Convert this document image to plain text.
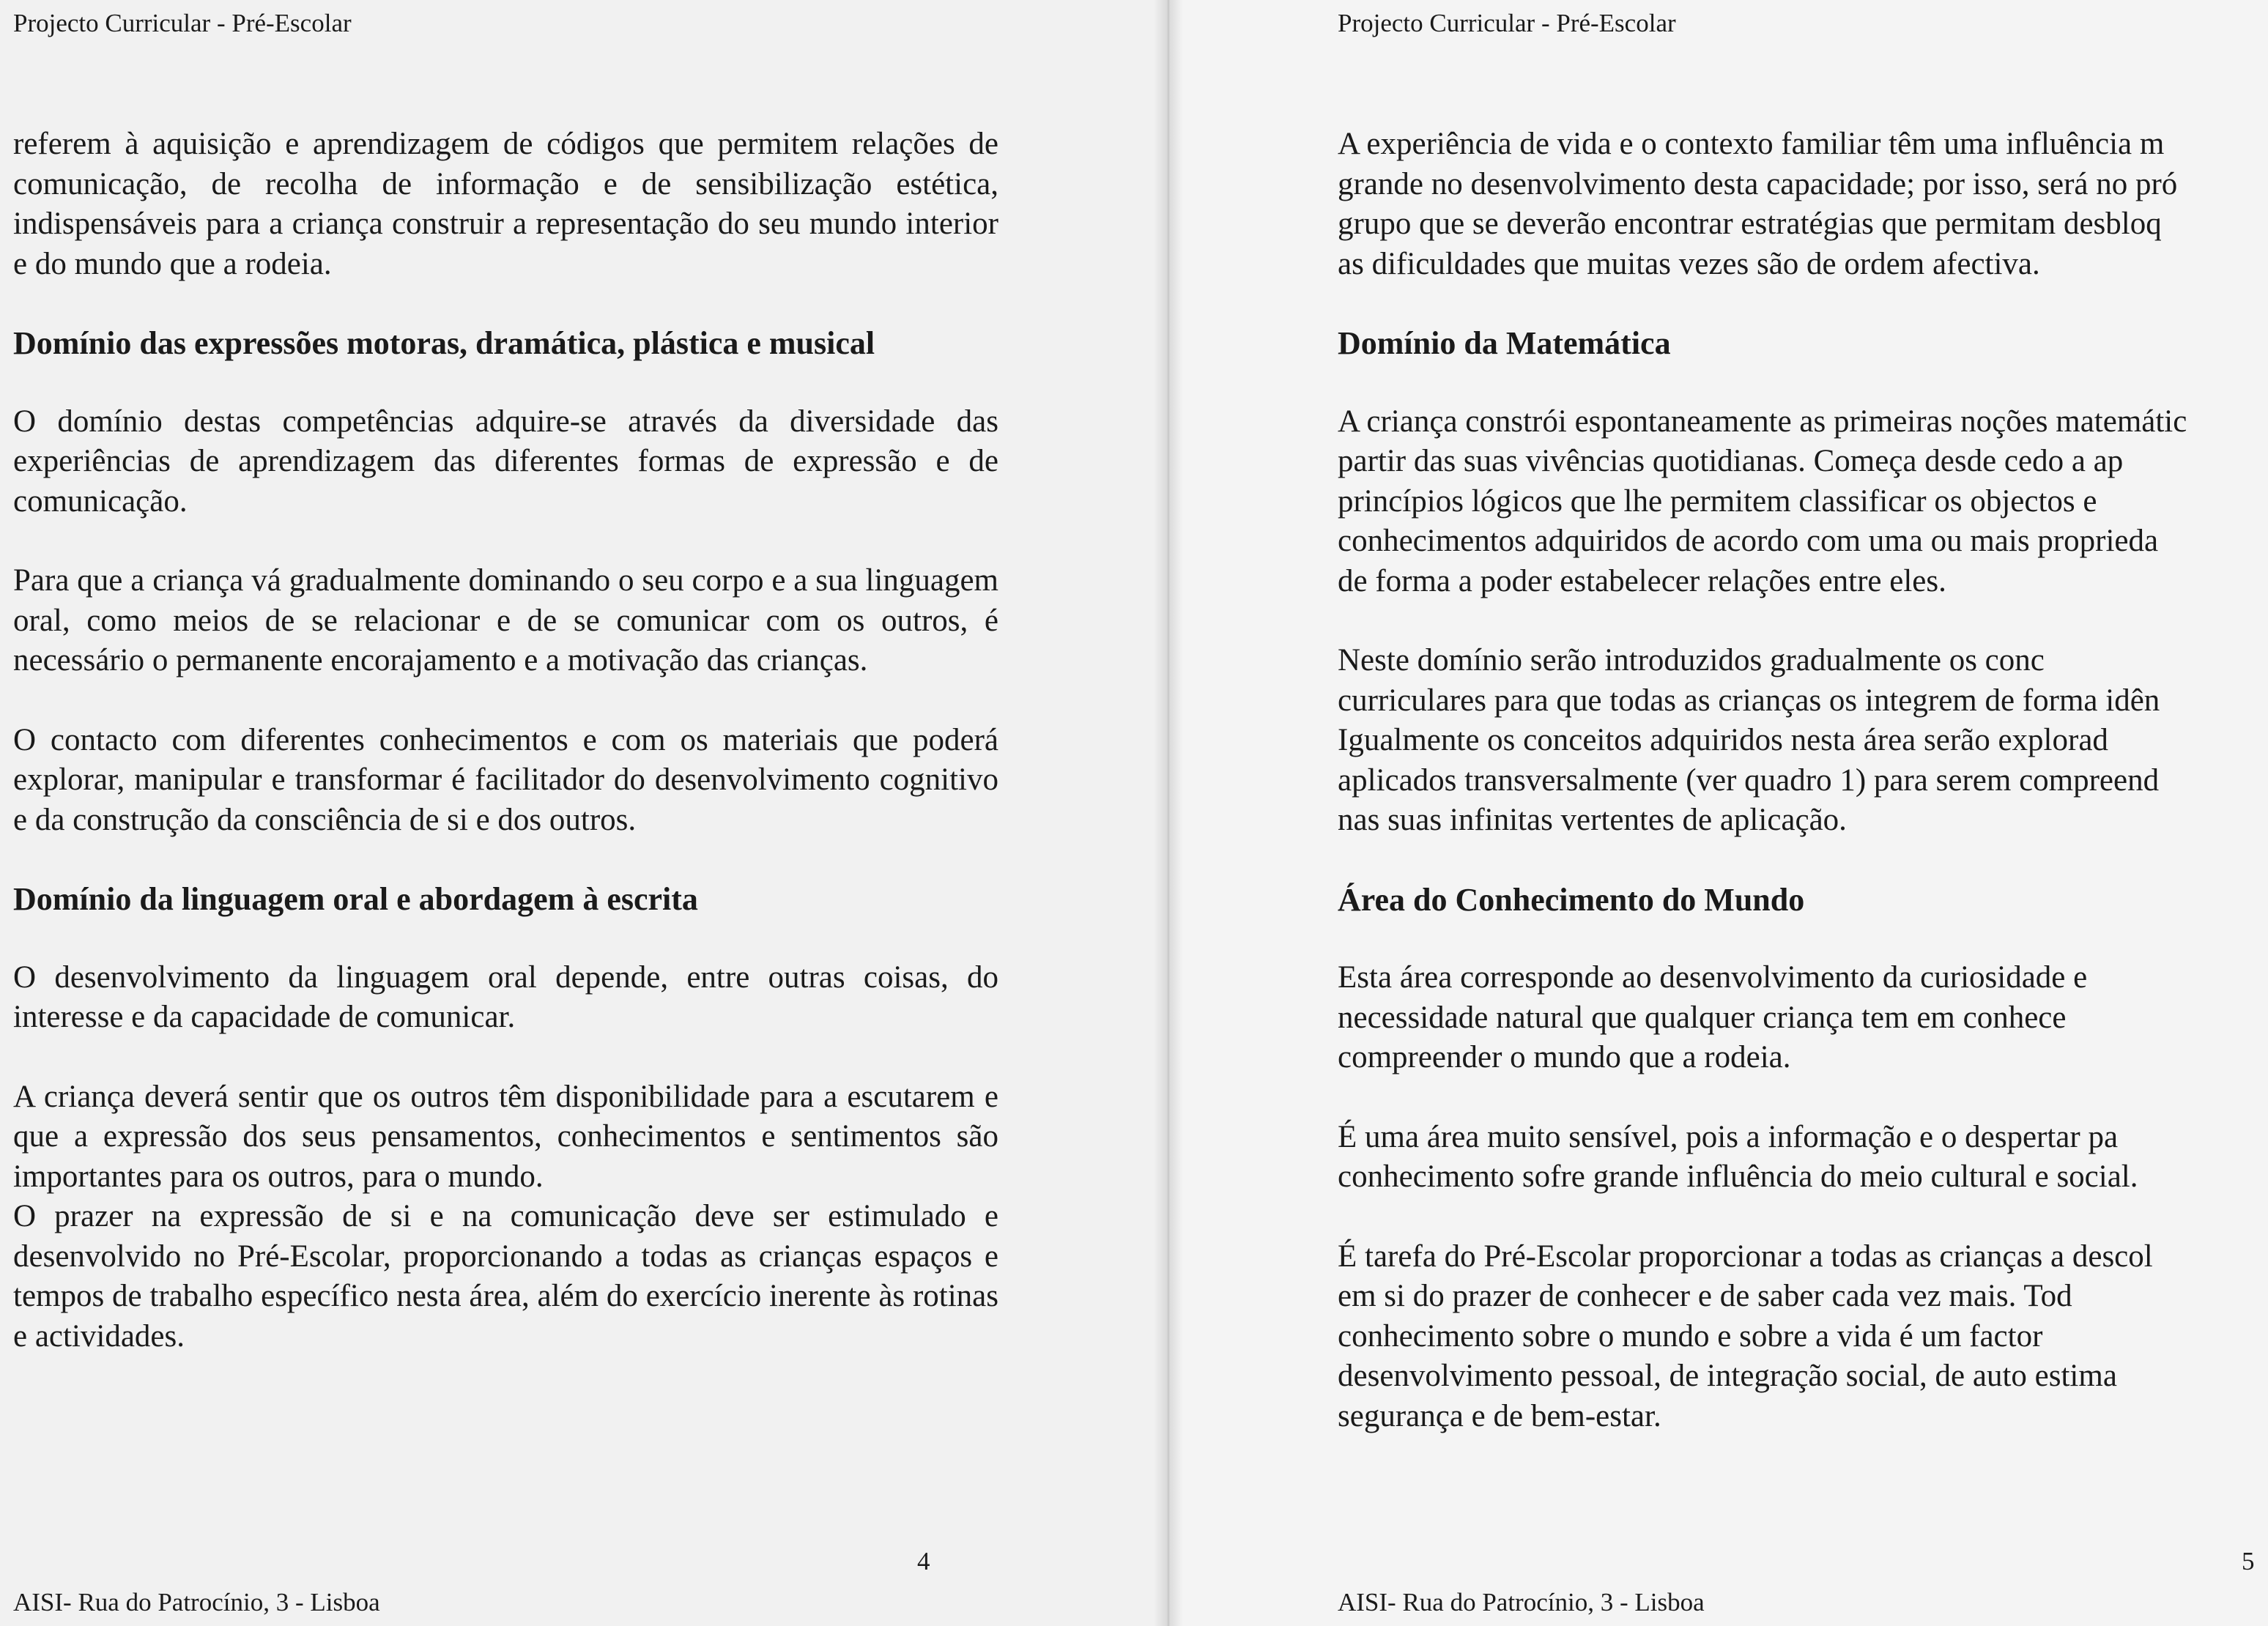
Projecto Curricular - Pré-Escolar

referem à aquisição e aprendizagem de códigos que permitem relações de comunicação, de recolha de informação e de sensibilização estética, indispensáveis para a criança construir a representação do seu mundo interior e do mundo que a rodeia.

Domínio das expressões motoras, dramática, plástica e musical

O domínio destas competências adquire-se através da diversidade das experiências de aprendizagem das diferentes formas de expressão e de comunicação.

Para que a criança vá gradualmente dominando o seu corpo e a sua linguagem oral, como meios de se relacionar e de se comunicar com os outros, é necessário o permanente encorajamento e a motivação das crianças.

O contacto com diferentes conhecimentos e com os materiais que poderá explorar, manipular e transformar é facilitador do desenvolvimento cognitivo e da construção da consciência de si e dos outros.

Domínio da linguagem oral e abordagem à escrita

O desenvolvimento da linguagem oral depende, entre outras coisas, do interesse e da capacidade de comunicar.

A criança deverá sentir que os outros têm disponibilidade para a escutarem e que a expressão dos seus pensamentos, conhecimentos e sentimentos são importantes para os outros, para o mundo.

O prazer na expressão de si e na comunicação deve ser estimulado e desenvolvido no Pré-Escolar, proporcionando a todas as crianças espaços e tempos de trabalho específico nesta área, além do exercício inerente às rotinas e actividades.

4
AISI- Rua do Patrocínio, 3 - Lisboa
Projecto Curricular - Pré-Escolar

A experiência de vida e o contexto familiar têm uma influência m

grande no desenvolvimento desta capacidade; por isso, será no pró

grupo que se deverão encontrar estratégias que permitam desbloq

as dificuldades que muitas vezes são de ordem afectiva.

Domínio da Matemática

A criança constrói espontaneamente as primeiras noções matemátic

partir das suas vivências quotidianas. Começa desde cedo a ap

princípios lógicos que lhe permitem classificar os objectos e

conhecimentos adquiridos de acordo com uma ou mais proprieda

de forma a poder estabelecer relações entre eles.

Neste domínio serão introduzidos gradualmente os conc

curriculares para que todas as crianças os integrem de forma idên

Igualmente os conceitos adquiridos nesta área serão explorad

aplicados transversalmente (ver quadro 1) para serem compreend

nas suas infinitas vertentes de aplicação.

Área do Conhecimento do Mundo

Esta área corresponde ao desenvolvimento da curiosidade e

necessidade natural que qualquer criança tem em conhece

compreender o mundo que a rodeia.

É uma área muito sensível, pois a informação e o despertar pa

conhecimento sofre grande influência do meio cultural e social.

É tarefa do Pré-Escolar proporcionar a todas as crianças a descol

em si do prazer de conhecer e de saber cada vez mais. Tod

conhecimento sobre o mundo e sobre a vida é um factor

desenvolvimento pessoal, de integração social, de auto estima

segurança e de bem-estar.

5
AISI- Rua do Patrocínio, 3 - Lisboa
